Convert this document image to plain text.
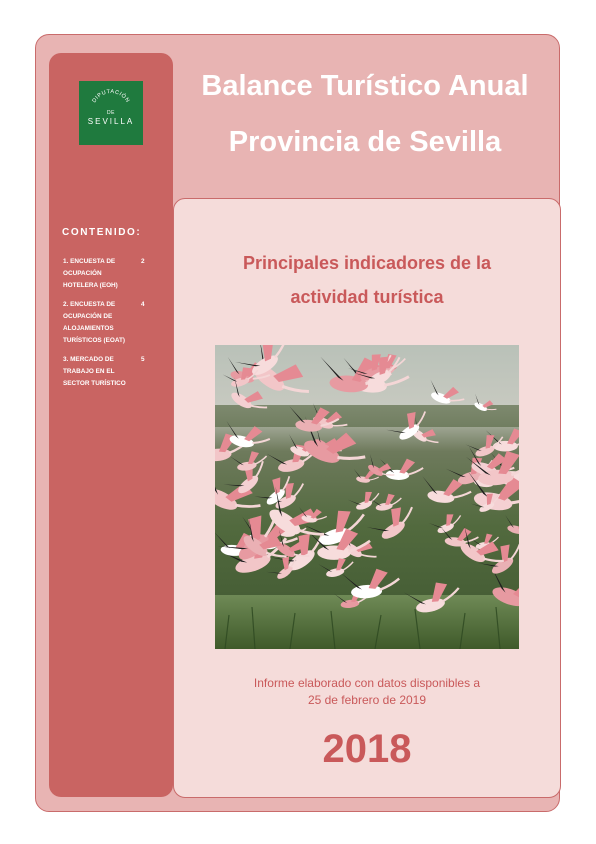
DIPUTACIÓN
DE
SEVILLA
CONTENIDO:
1. ENCUESTA DE OCUPACIÓN HOTELERA (EOH)
2
2. ENCUESTA DE OCUPACIÓN DE ALOJAMIENTOS TURÍSTICOS (EOAT)
4
3. MERCADO DE TRABAJO EN EL SECTOR TURÍSTICO
5
Balance Turístico Anual
Provincia de Sevilla
Principales indicadores de la
actividad turística
Informe elaborado con datos disponibles a
25 de febrero de 2019
2018
